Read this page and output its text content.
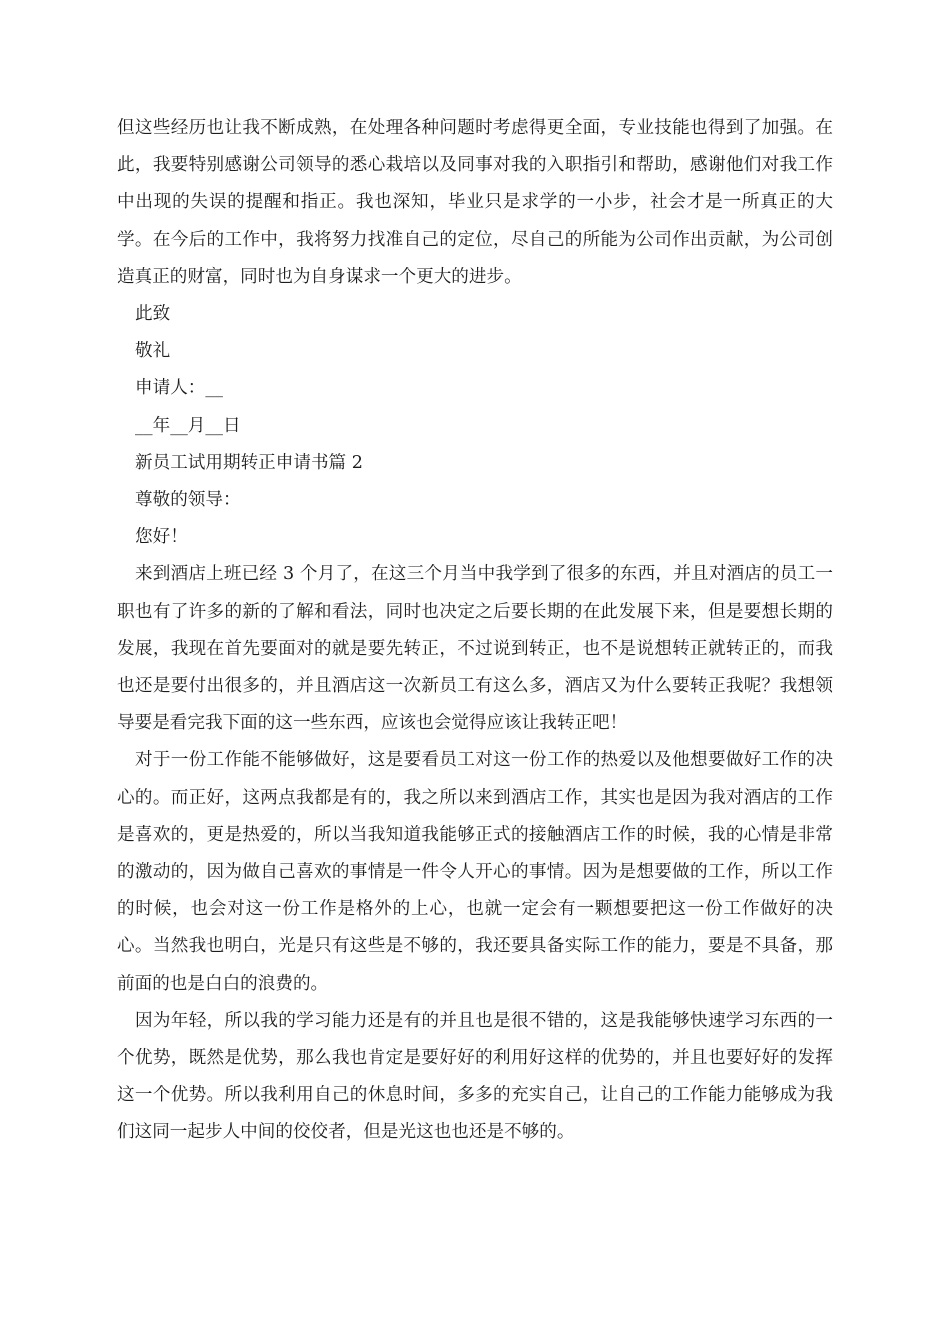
但这些经历也让我不断成熟，在处理各种问题时考虑得更全面，专业技能也得到了加强。在此，我要特别感谢公司领导的悉心栽培以及同事对我的入职指引和帮助，感谢他们对我工作中出现的失误的提醒和指正。我也深知，毕业只是求学的一小步，社会才是一所真正的大学。在今后的工作中，我将努力找准自己的定位，尽自己的所能为公司作出贡献，为公司创造真正的财富，同时也为自身谋求一个更大的进步。

此致

敬礼

申请人：__

__年__月__日

新员工试用期转正申请书篇 2

尊敬的领导：

您好！

来到酒店上班已经 3 个月了，在这三个月当中我学到了很多的东西，并且对酒店的员工一职也有了许多的新的了解和看法，同时也决定之后要长期的在此发展下来，但是要想长期的发展，我现在首先要面对的就是要先转正，不过说到转正，也不是说想转正就转正的，而我也还是要付出很多的，并且酒店这一次新员工有这么多，酒店又为什么要转正我呢？我想领导要是看完我下面的这一些东西，应该也会觉得应该让我转正吧！

对于一份工作能不能够做好，这是要看员工对这一份工作的热爱以及他想要做好工作的决心的。而正好，这两点我都是有的，我之所以来到酒店工作，其实也是因为我对酒店的工作是喜欢的，更是热爱的，所以当我知道我能够正式的接触酒店工作的时候，我的心情是非常的激动的，因为做自己喜欢的事情是一件令人开心的事情。因为是想要做的工作，所以工作的时候，也会对这一份工作是格外的上心，也就一定会有一颗想要把这一份工作做好的决心。当然我也明白，光是只有这些是不够的，我还要具备实际工作的能力，要是不具备，那前面的也是白白的浪费的。

因为年轻，所以我的学习能力还是有的并且也是很不错的，这是我能够快速学习东西的一个优势，既然是优势，那么我也肯定是要好好的利用好这样的优势的，并且也要好好的发挥这一个优势。所以我利用自己的休息时间，多多的充实自己，让自己的工作能力能够成为我们这同一起步人中间的佼佼者，但是光这也也还是不够的。
